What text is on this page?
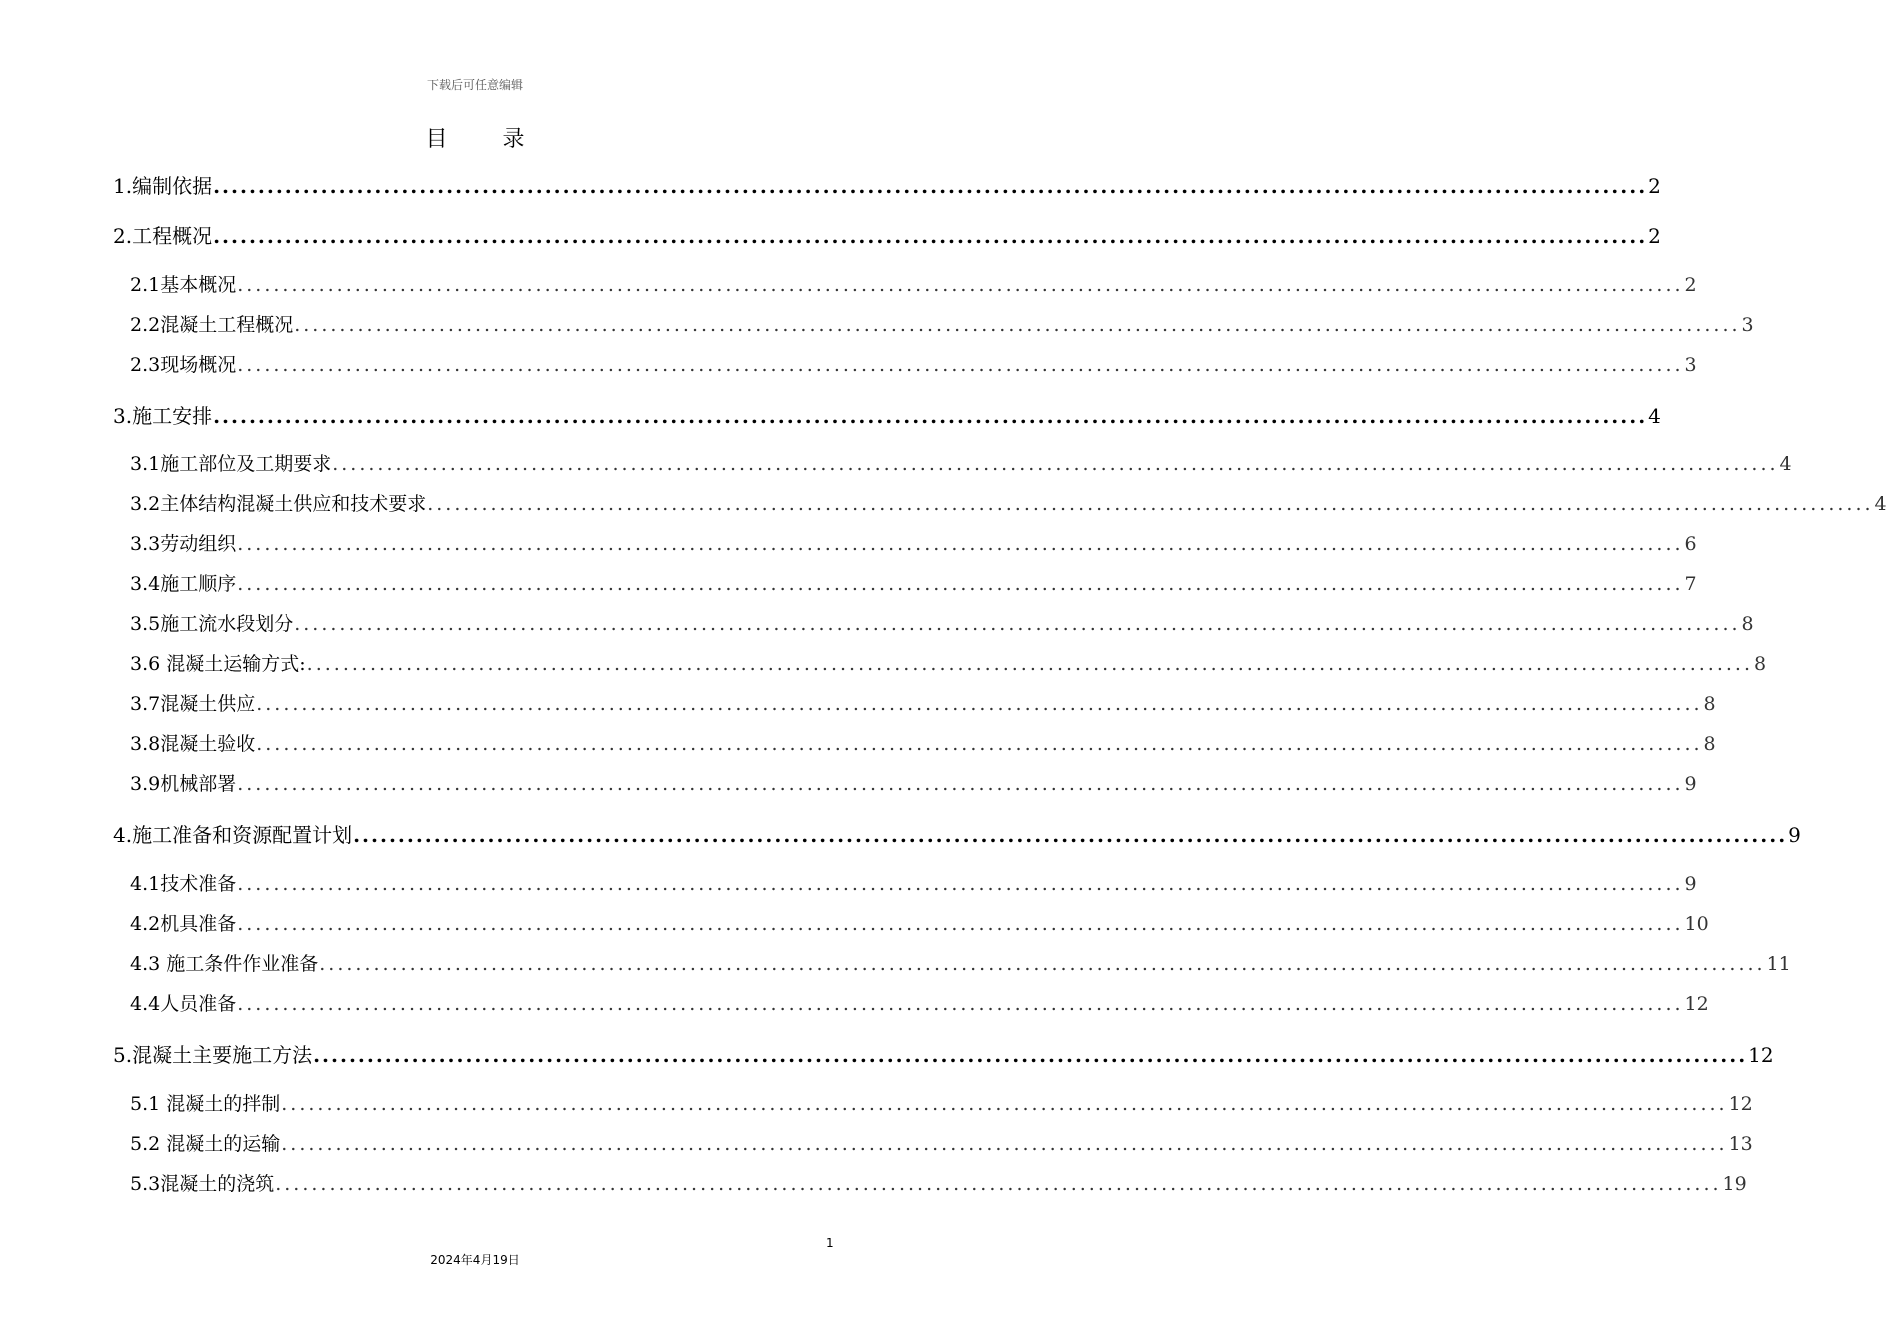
下载后可任意编辑
目 录
1.编制依据 ................................................................................................................................................................ 2
2.工程概况 ................................................................................................................................................................ 2
2.1基本概况 ................................................................................................................................................................ 2
2.2混凝土工程概况 ................................................................................................................................................................ 3
2.3现场概况 ................................................................................................................................................................ 3
3.施工安排 ................................................................................................................................................................ 4
3.1施工部位及工期要求 ................................................................................................................................................................ 4
3.2主体结构混凝土供应和技术要求 ................................................................................................................................................................ 4
3.3劳动组织 ................................................................................................................................................................ 6
3.4施工顺序 ................................................................................................................................................................ 7
3.5施工流水段划分 ................................................................................................................................................................ 8
3.6 混凝土运输方式: ................................................................................................................................................................ 8
3.7混凝土供应 ................................................................................................................................................................ 8
3.8混凝土验收 ................................................................................................................................................................ 8
3.9机械部署 ................................................................................................................................................................ 9
4.施工准备和资源配置计划 ................................................................................................................................................................ 9
4.1技术准备 ................................................................................................................................................................ 9
4.2机具准备 ................................................................................................................................................................ 10
4.3 施工条件作业准备 ................................................................................................................................................................ 11
4.4人员准备 ................................................................................................................................................................ 12
5.混凝土主要施工方法 ................................................................................................................................................................ 12
5.1 混凝土的拌制 ................................................................................................................................................................ 12
5.2 混凝土的运输 ................................................................................................................................................................ 13
5.3混凝土的浇筑 ................................................................................................................................................................ 19
1
2024年4月19日
